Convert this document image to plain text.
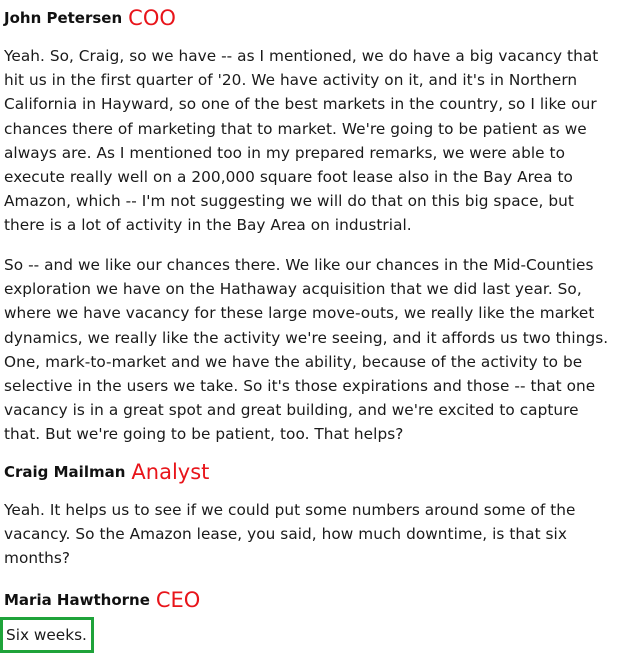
John Petersen COO
Yeah. So, Craig, so we have -- as I mentioned, we do have a big vacancy that
hit us in the first quarter of '20. We have activity on it, and it's in Northern
California in Hayward, so one of the best markets in the country, so I like our
chances there of marketing that to market. We're going to be patient as we
always are. As I mentioned too in my prepared remarks, we were able to
execute really well on a 200,000 square foot lease also in the Bay Area to
Amazon, which -- I'm not suggesting we will do that on this big space, but
there is a lot of activity in the Bay Area on industrial.
So -- and we like our chances there. We like our chances in the Mid-Counties
exploration we have on the Hathaway acquisition that we did last year. So,
where we have vacancy for these large move-outs, we really like the market
dynamics, we really like the activity we're seeing, and it affords us two things.
One, mark-to-market and we have the ability, because of the activity to be
selective in the users we take. So it's those expirations and those -- that one
vacancy is in a great spot and great building, and we're excited to capture
that. But we're going to be patient, too. That helps?
Craig Mailman Analyst
Yeah. It helps us to see if we could put some numbers around some of the
vacancy. So the Amazon lease, you said, how much downtime, is that six
months?
Maria Hawthorne CEO
Six weeks.
